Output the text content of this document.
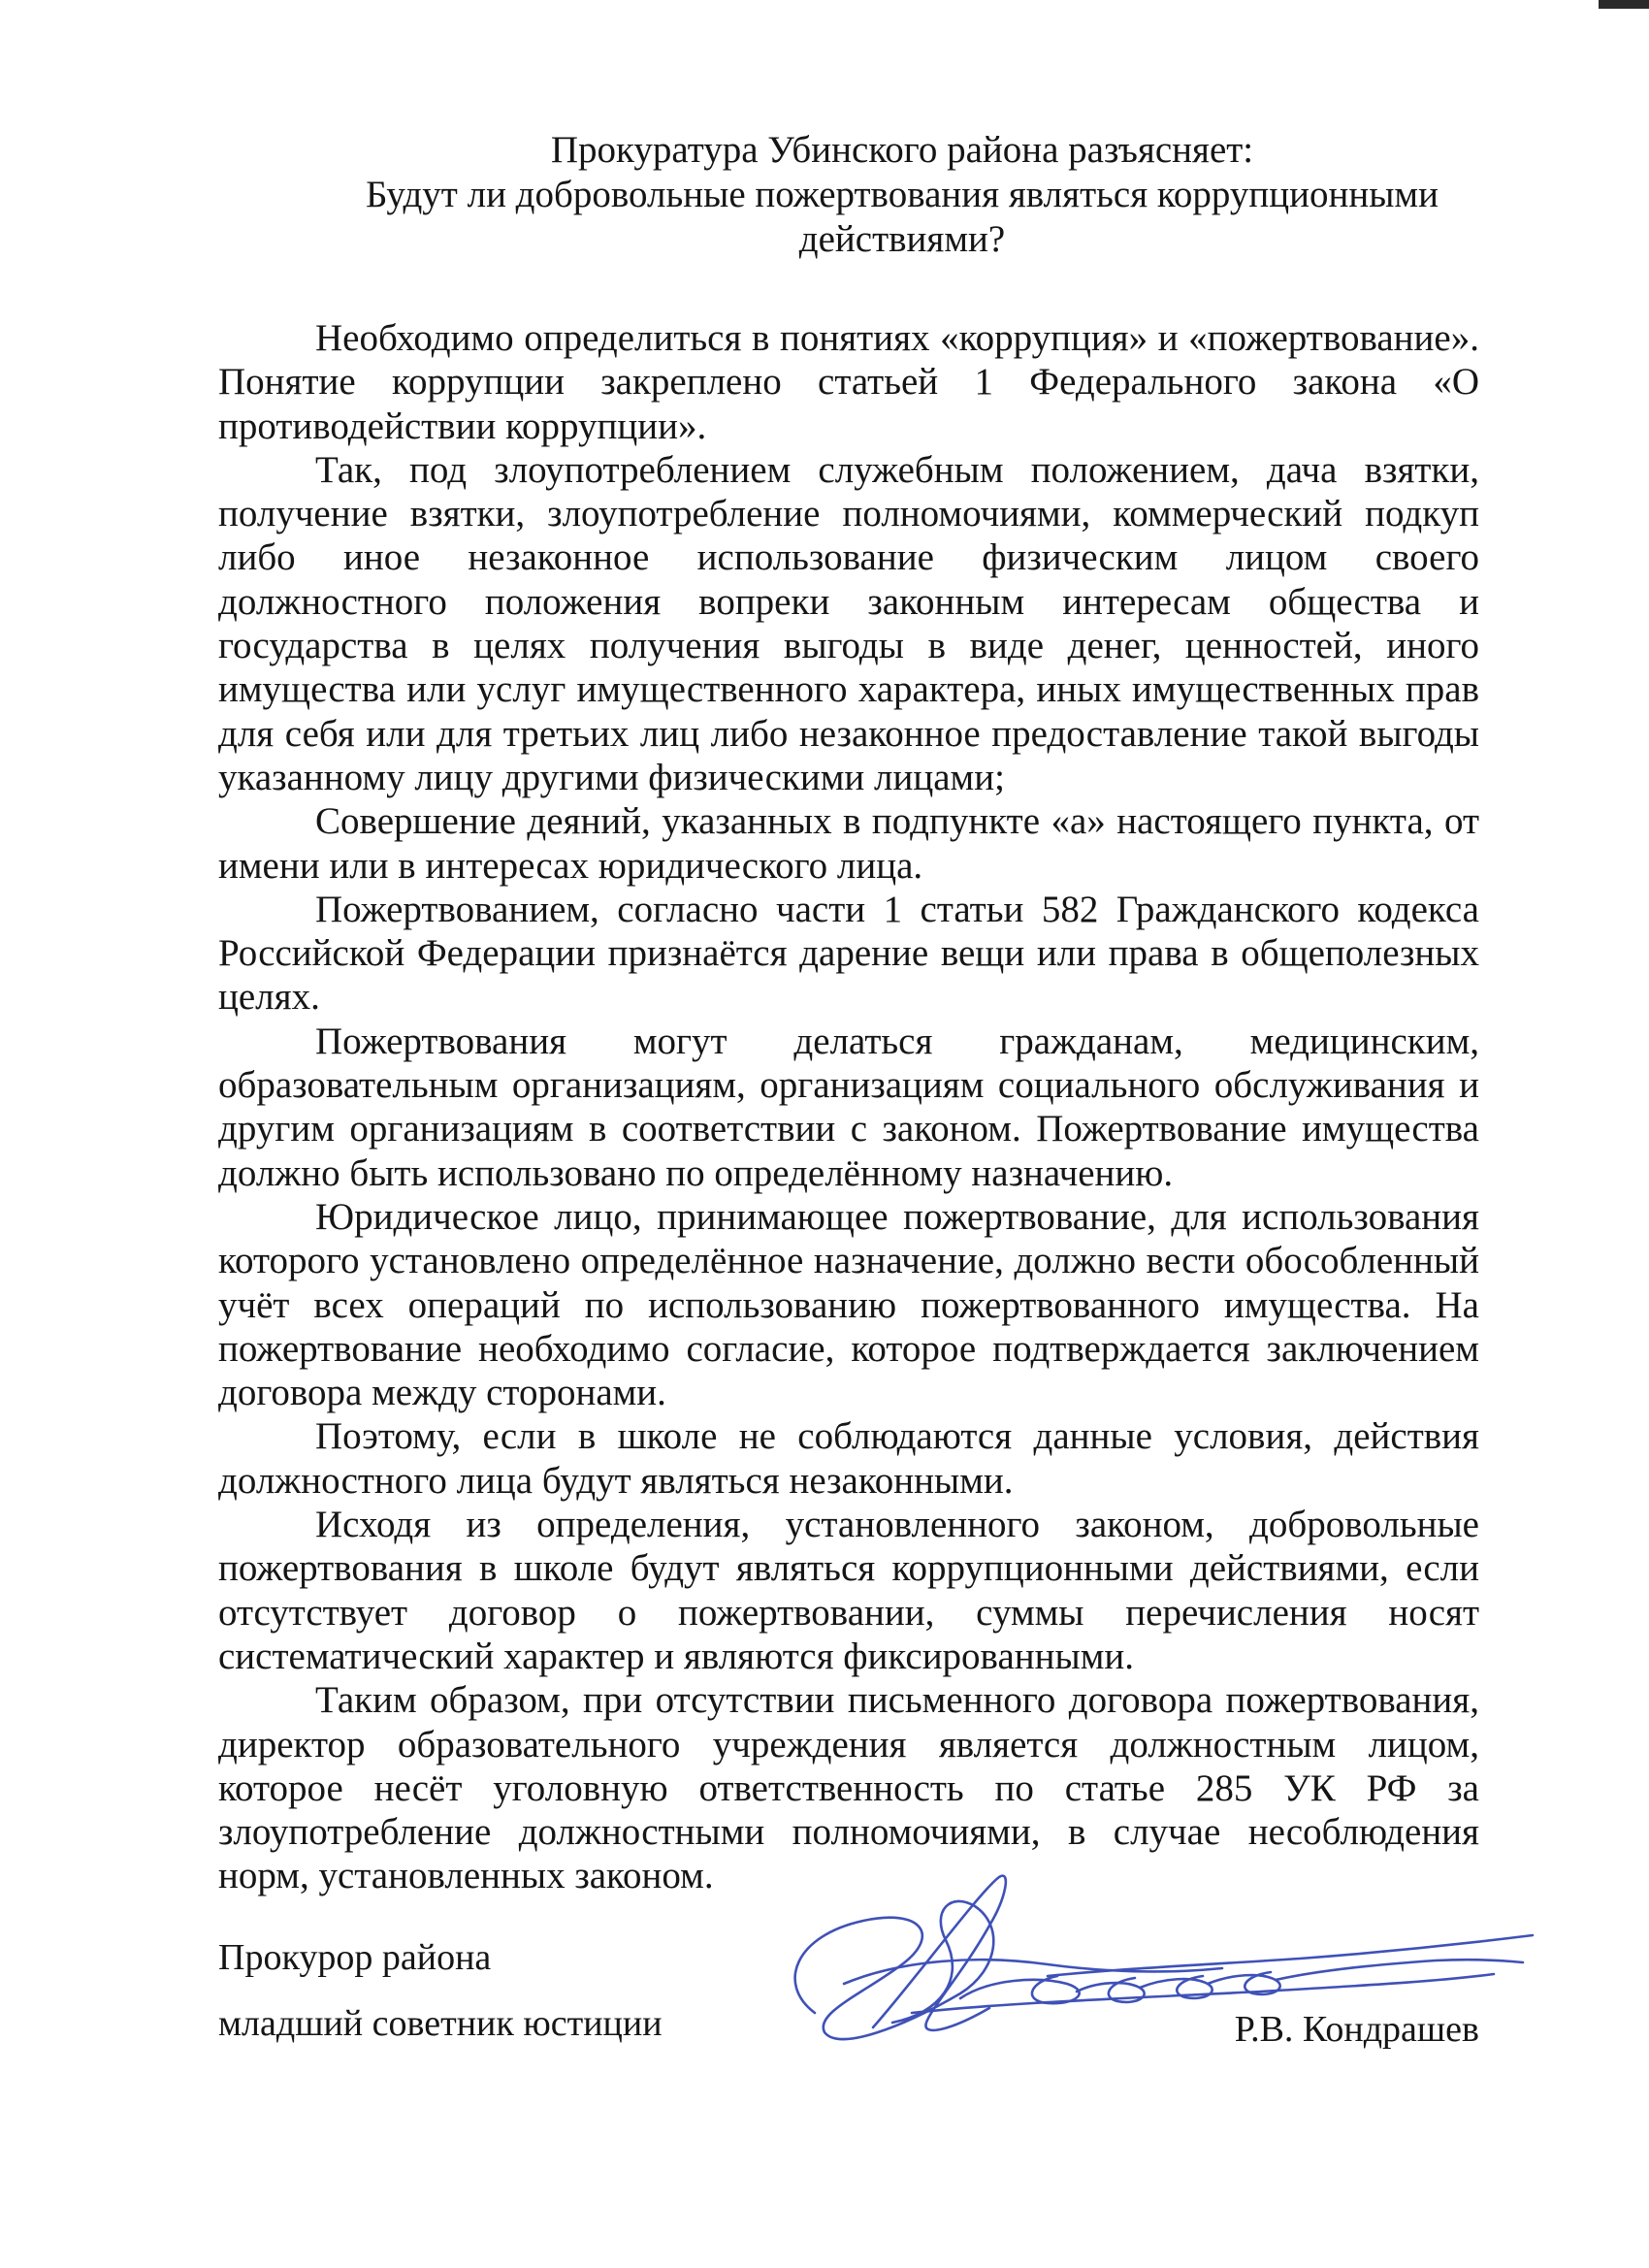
Прокуратура Убинского района разъясняет:
Будут ли добровольные пожертвования являться коррупционными
действиями?

Необходимо определиться в понятиях «коррупция» и «пожертвование». Понятие коррупции закреплено статьей 1 Федерального закона «О противодействии коррупции».

Так, под злоупотреблением служебным положением, дача взятки, получение взятки, злоупотребление полномочиями, коммерческий подкуп либо иное незаконное использование физическим лицом своего должностного положения вопреки законным интересам общества и государства в целях получения выгоды в виде денег, ценностей, иного имущества или услуг имущественного характера, иных имущественных прав для себя или для третьих лиц либо незаконное предоставление такой выгоды указанному лицу другими физическими лицами;

Совершение деяний, указанных в подпункте «а» настоящего пункта, от имени или в интересах юридического лица.

Пожертвованием, согласно части 1 статьи 582 Гражданского кодекса Российской Федерации признаётся дарение вещи или права в общеполезных целях.

Пожертвования могут делаться гражданам, медицинским, образовательным организациям, организациям социального обслуживания и другим организациям в соответствии с законом. Пожертвование имущества должно быть использовано по определённому назначению.

Юридическое лицо, принимающее пожертвование, для использования которого установлено определённое назначение, должно вести обособленный учёт всех операций по использованию пожертвованного имущества. На пожертвование необходимо согласие, которое подтверждается заключением договора между сторонами.

Поэтому, если в школе не соблюдаются данные условия, действия должностного лица будут являться незаконными.

Исходя из определения, установленного законом, добровольные пожертвования в школе будут являться коррупционными действиями, если отсутствует договор о пожертвовании, суммы перечисления носят систематический характер и являются фиксированными.

Таким образом, при отсутствии письменного договора пожертвования, директор образовательного учреждения является должностным лицом, которое несёт уголовную ответственность по статье 285 УК РФ за злоупотребление должностными полномочиями, в случае несоблюдения норм, установленных законом.

Прокурор района
младший советник юстиции	Р.В. Кондрашев
